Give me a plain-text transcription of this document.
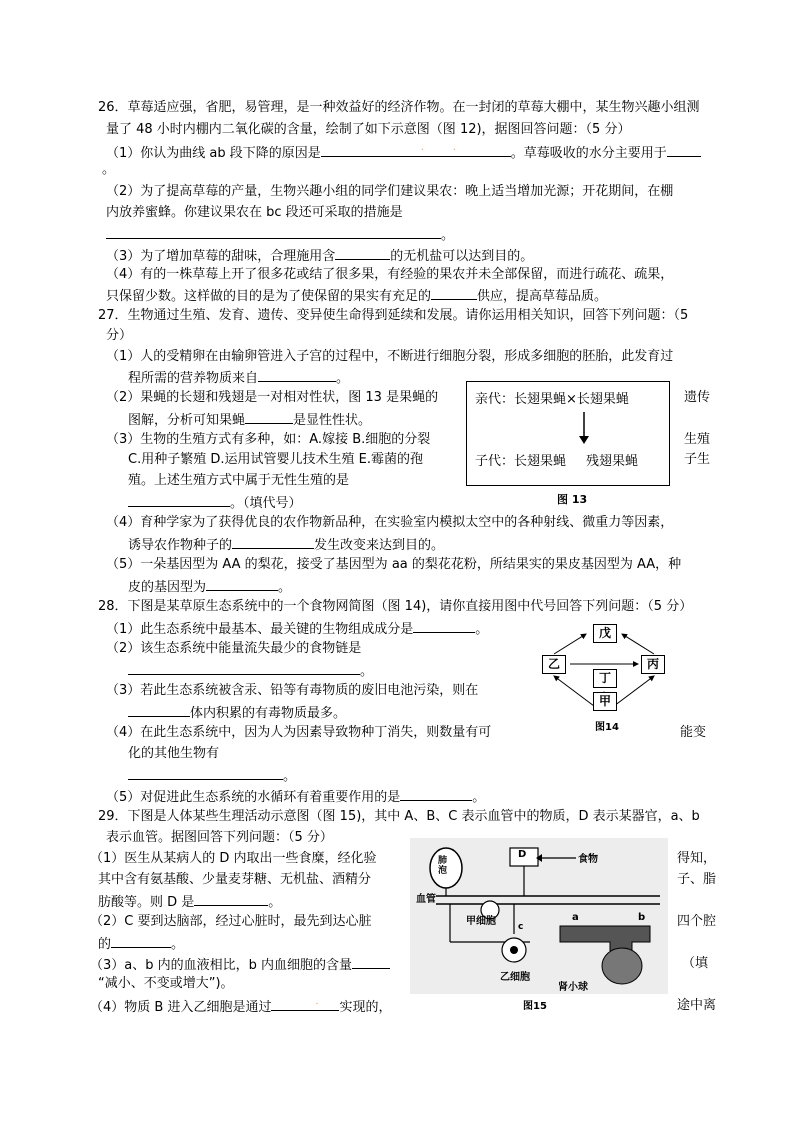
26．草莓适应强，省肥，易管理，是一种效益好的经济作物。在一封闭的草莓大棚中，某生物兴趣小组测
量了 48 小时内棚内二氧化碳的含量，绘制了如下示意图（图 12)，据图回答问题：（5 分）
（1）你认为曲线 ab 段下降的原因是	.	.	。草莓吸收的水分主要用于
。
（2）为了提高草莓的产量，生物兴趣小组的同学们建议果农：晚上适当增加光源；开花期间，在棚
内放养蜜蜂。你建议果农在 bc 段还可采取的措施是
。
（3）为了增加草莓的甜味，合理施用含	的无机盐可以达到目的。
（4）有的一株草莓上开了很多花或结了很多果，有经验的果农并未全部保留，而进行疏花、疏果，
只保留少数。这样做的目的是为了使保留的果实有充足的	供应，提高草莓品质。
27．生物通过生殖、发育、遗传、变异使生命得到延续和发展。请你运用相关知识，回答下列问题：（5
分）
（1）人的受精卵在由输卵管进入子宫的过程中，不断进行细胞分裂，形成多细胞的胚胎，此发育过
程所需的营养物质来自	。
（2）果蝇的长翅和残翅是一对相对性状，图 13 是果蝇的	遗传
图解，分析可知果蝇	是显性性状。
（3）生物的生殖方式有多种，如：A.嫁接 B.细胞的分裂	生殖
C.用种子繁殖 D.运用试管婴儿技术生殖 E.霉菌的孢	子生
殖。上述生殖方式中属于无性生殖的是
。（填代号）
亲代：长翅果蝇×长翅果蝇
子代：长翅果蝇 残翅果蝇
图 13
（4）育种学家为了获得优良的农作物新品种，在实验室内模拟太空中的各种射线、微重力等因素，
诱导农作物种子的	发生改变来达到目的。
（5）一朵基因型为 AA 的梨花，接受了基因型为 aa 的梨花花粉，所结果实的果皮基因型为 AA，种
皮的基因型为	。
28．下图是某草原生态系统中的一个食物网简图（图 14)，请你直接用图中代号回答下列问题：（5 分）
（1）此生态系统中最基本、最关键的生物组成成分是	。
（2）该生态系统中能量流失最少的食物链是
。
（3）若此生态系统被含汞、铅等有毒物质的废旧电池污染，则在
体内积累的有毒物质最多。
（4）在此生态系统中，因为人为因素导致物种丁消失，则数量有可	能变
化的其他生物有
。
（5）对促进此生态系统的水循环有着重要作用的是	。
戊
乙	丙
丁
甲
图14
29．下图是人体某些生理活动示意图（图 15)，其中 A、B、C 表示血管中的物质，D 表示某器官，a、b
表示血管。据图回答下列问题：（5 分）
（1）医生从某病人的 D 内取出一些食糜，经化验	得知，
其中含有氨基酸、少量麦芽糖、无机盐、酒精分	子、脂
肪酸等。则 D 是	。
（2）C 要到达脑部，经过心脏时，最先到达心脏	四个腔
的	。
（3）a、b 内的血液相比，b 内血细胞的含量	（填
“减小、不变或增大”)。
（4）物质 B 进入乙细胞是通过	. 实现的，	途中离
肺泡
D	食物
血管
甲细胞
乙细胞
肾小球
a	b
c
图15
